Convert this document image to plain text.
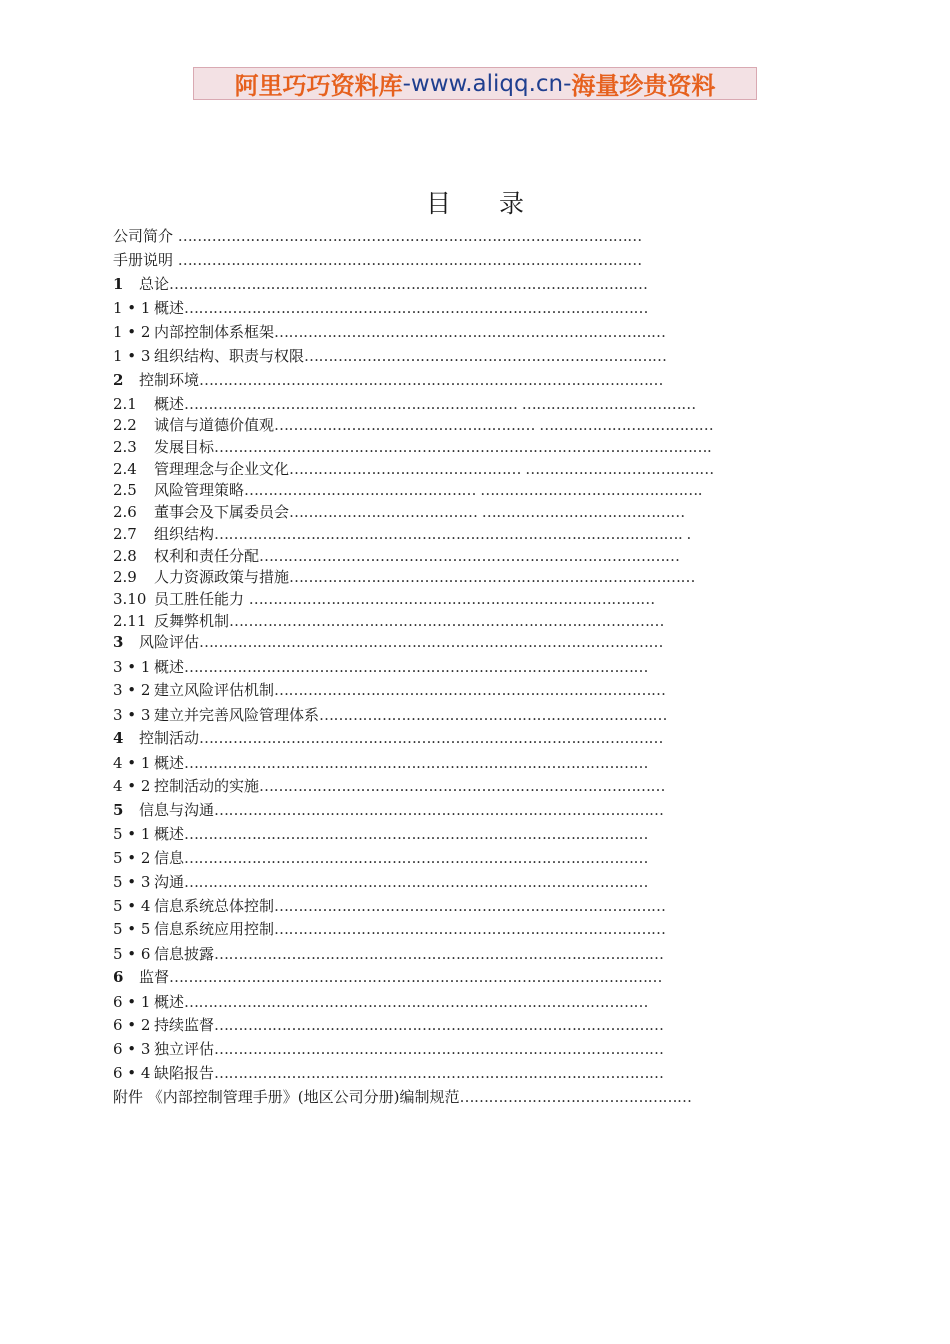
阿里巧巧资料库 -www.aliqq.cn- 海量珍贵资料
目 录
公司简介 ……………………………………………………………………………………
手册说明 ……………………………………………………………………………………
1 总论………………………………………………………………………………………
1 • 1 概述……………………………………………………………………………………
1 • 2 内部控制体系框架………………………………………………………………………
1 • 3 组织结构、职责与权限…………………………………………………………………
2 控制环境……………………………………………………………………………………
2.1 概述…………………………………………………………… ………………………………
2.2 诚信与道德价值观……………………………………………… ………………………………
2.3 发展目标………………………………………………………………………………………….
2.4 管理理念与企业文化………………………………………… …………………………………
2.5 风险管理策略………………………………………… ……………………………………….
2.6 董事会及下属委员会………………………………… ……………………………………
2.7 组织结构……………………………………………………………………………………. .
2.8 权利和责任分配……………………………………………………………………………
2.9 人力资源政策与措施…………………………………………………………………………
3.10 员工胜任能力 …………………………………………………………………………
2.11 反舞弊机制………………………………………………………………………………
3 风险评估……………………………………………………………………………………
3 • 1 概述……………………………………………………………………………………
3 • 2 建立风险评估机制………………………………………………………………………
3 • 3 建立并完善风险管理体系………………………………………………………………
4 控制活动……………………………………………………………………………………
4 • 1 概述……………………………………………………………………………………
4 • 2 控制活动的实施…………………………………………………………………………
5 信息与沟通…………………………………………………………………………………
5 • 1 概述……………………………………………………………………………………
5 • 2 信息……………………………………………………………………………………
5 • 3 沟通……………………………………………………………………………………
5 • 4 信息系统总体控制………………………………………………………………………
5 • 5 信息系统应用控制………………………………………………………………………
5 • 6 信息披露…………………………………………………………………………………
6 监督…………………………………………………………………………………………
6 • 1 概述……………………………………………………………………………………
6 • 2 持续监督…………………………………………………………………………………
6 • 3 独立评估…………………………………………………………………………………
6 • 4 缺陷报告…………………………………………………………………………………
附件 《内部控制管理手册》(地区公司分册)编制规范…………………………………………
